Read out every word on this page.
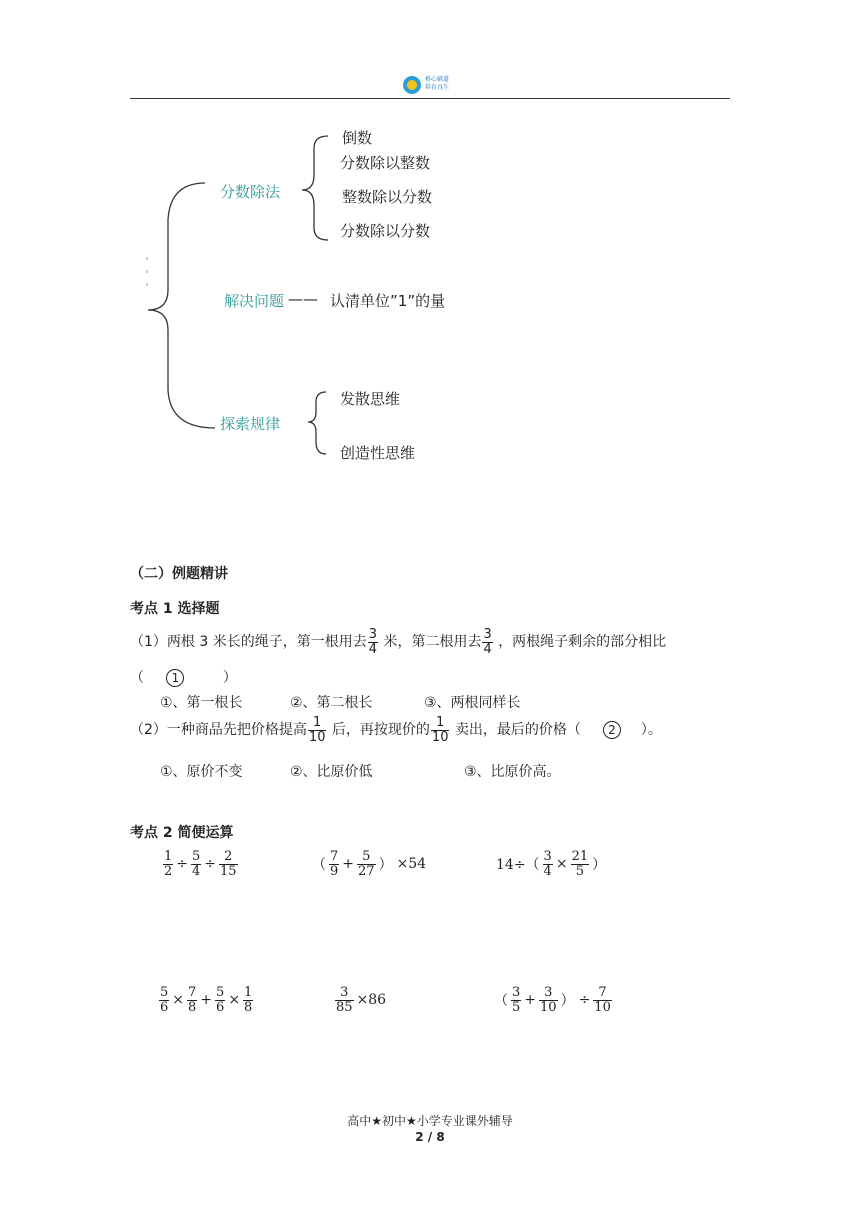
格心辅道
培育良生
分数除法
倒数
分数除以整数
整数除以分数
分数除以分数
解决问题 —— 认清单位”1”的量
探索规律
发散思维
创造性思维
（二）例题精讲
考点 1 选择题
（1）两根 3 米长的绳子，第一根用去 $\frac{3}{4}$ 米，第二根用去 $\frac{3}{4}$ ，两根绳子剩余的部分相比
（ 1	）
①、第一根长	②、第二根长	③、两根同样长
（2）一种商品先把价格提高 $\frac{1}{10}$ 后，再按现价的 $\frac{1}{10}$ 卖出，最后的价格（ 2 ）。
①、原价不变	②、比原价低	③、比原价高。
考点 2 简便运算
$\frac{1}{2} \div \frac{5}{4} \div \frac{2}{15}$	（ $\frac{7}{9} + \frac{5}{27}$ ） ×54	$14\div( \frac{3}{4} \times \frac{21}{5}$ ）
$\frac{5}{6} \times \frac{7}{8} + \frac{5}{6} \times \frac{1}{8}$	$\frac{3}{85} \times 86$	（ $\frac{3}{5} + \frac{3}{10}$ ） ÷ $\frac{7}{10}$
高中★初中★小学专业课外辅导
2 / 8
